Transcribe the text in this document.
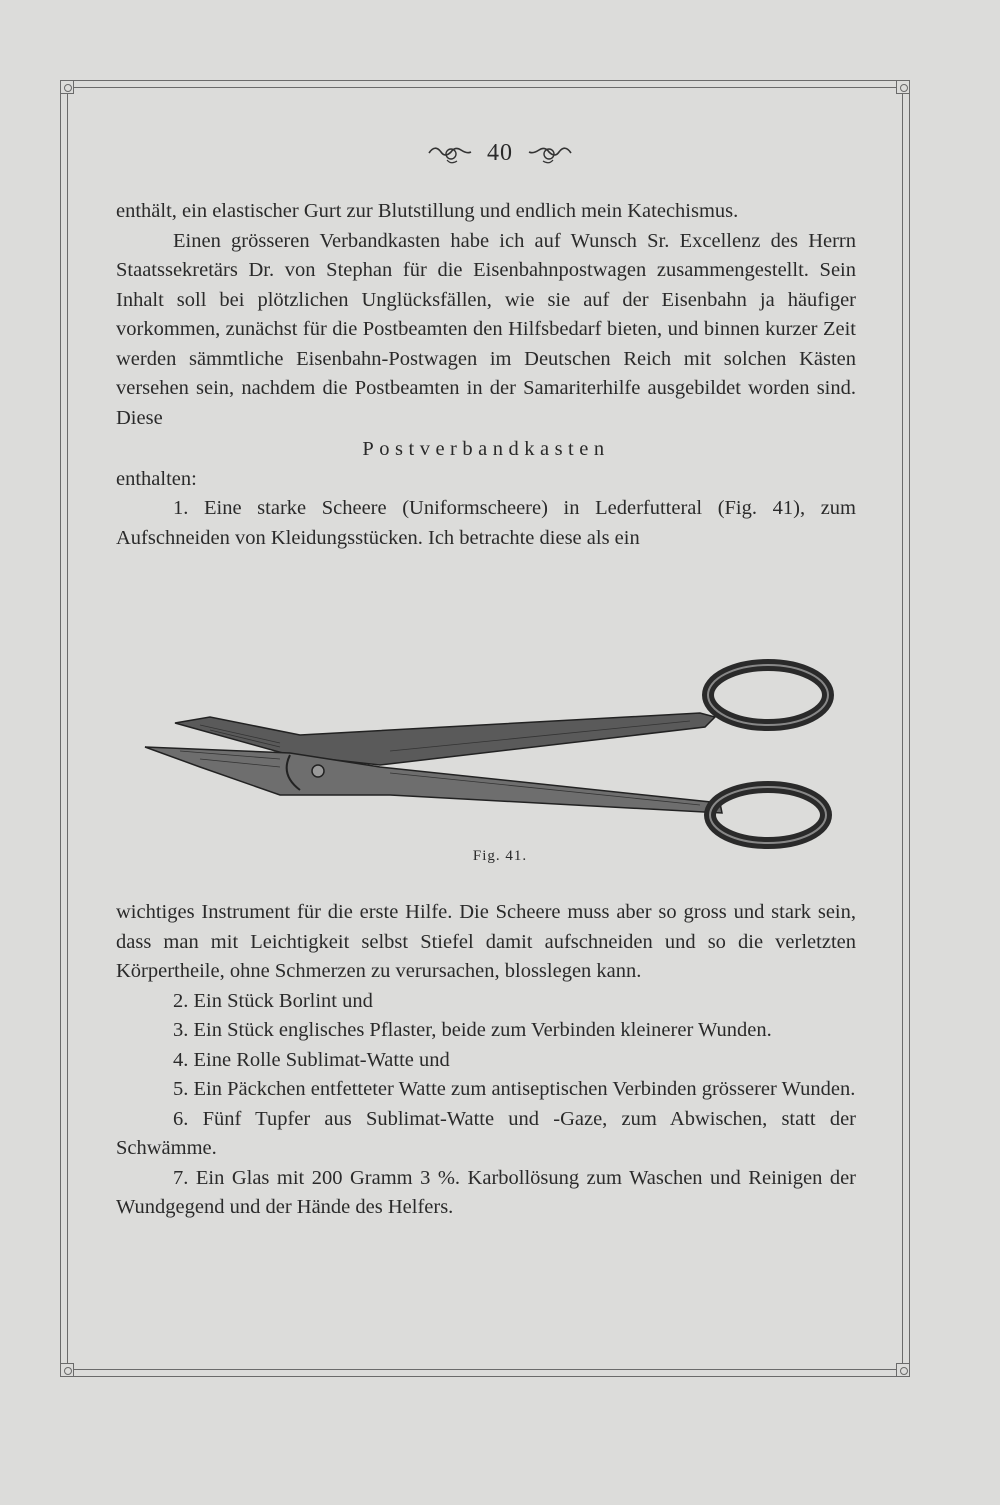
40

enthält, ein elastischer Gurt zur Blutstillung und endlich mein Katechismus.

Einen grösseren Verbandkasten habe ich auf Wunsch Sr. Excellenz des Herrn Staatssekretärs Dr. von Stephan für die Eisenbahnpostwagen zusammengestellt. Sein Inhalt soll bei plötzlichen Unglücksfällen, wie sie auf der Eisenbahn ja häufiger vorkommen, zunächst für die Postbeamten den Hilfsbedarf bieten, und binnen kurzer Zeit werden sämmtliche Eisenbahn-Postwagen im Deutschen Reich mit solchen Kästen versehen sein, nachdem die Postbeamten in der Samariterhilfe ausgebildet worden sind. Diese

Postverbandkasten

enthalten:

1. Eine starke Scheere (Uniformscheere) in Lederfutteral (Fig. 41), zum Aufschneiden von Kleidungsstücken. Ich betrachte diese als ein

Fig. 41.

wichtiges Instrument für die erste Hilfe. Die Scheere muss aber so gross und stark sein, dass man mit Leichtigkeit selbst Stiefel damit aufschneiden und so die verletzten Körpertheile, ohne Schmerzen zu verursachen, blosslegen kann.

2. Ein Stück Borlint und

3. Ein Stück englisches Pflaster, beide zum Verbinden kleinerer Wunden.

4. Eine Rolle Sublimat-Watte und

5. Ein Päckchen entfetteter Watte zum antiseptischen Verbinden grösserer Wunden.

6. Fünf Tupfer aus Sublimat-Watte und -Gaze, zum Abwischen, statt der Schwämme.

7. Ein Glas mit 200 Gramm 3 %. Karbollösung zum Waschen und Reinigen der Wundgegend und der Hände des Helfers.
